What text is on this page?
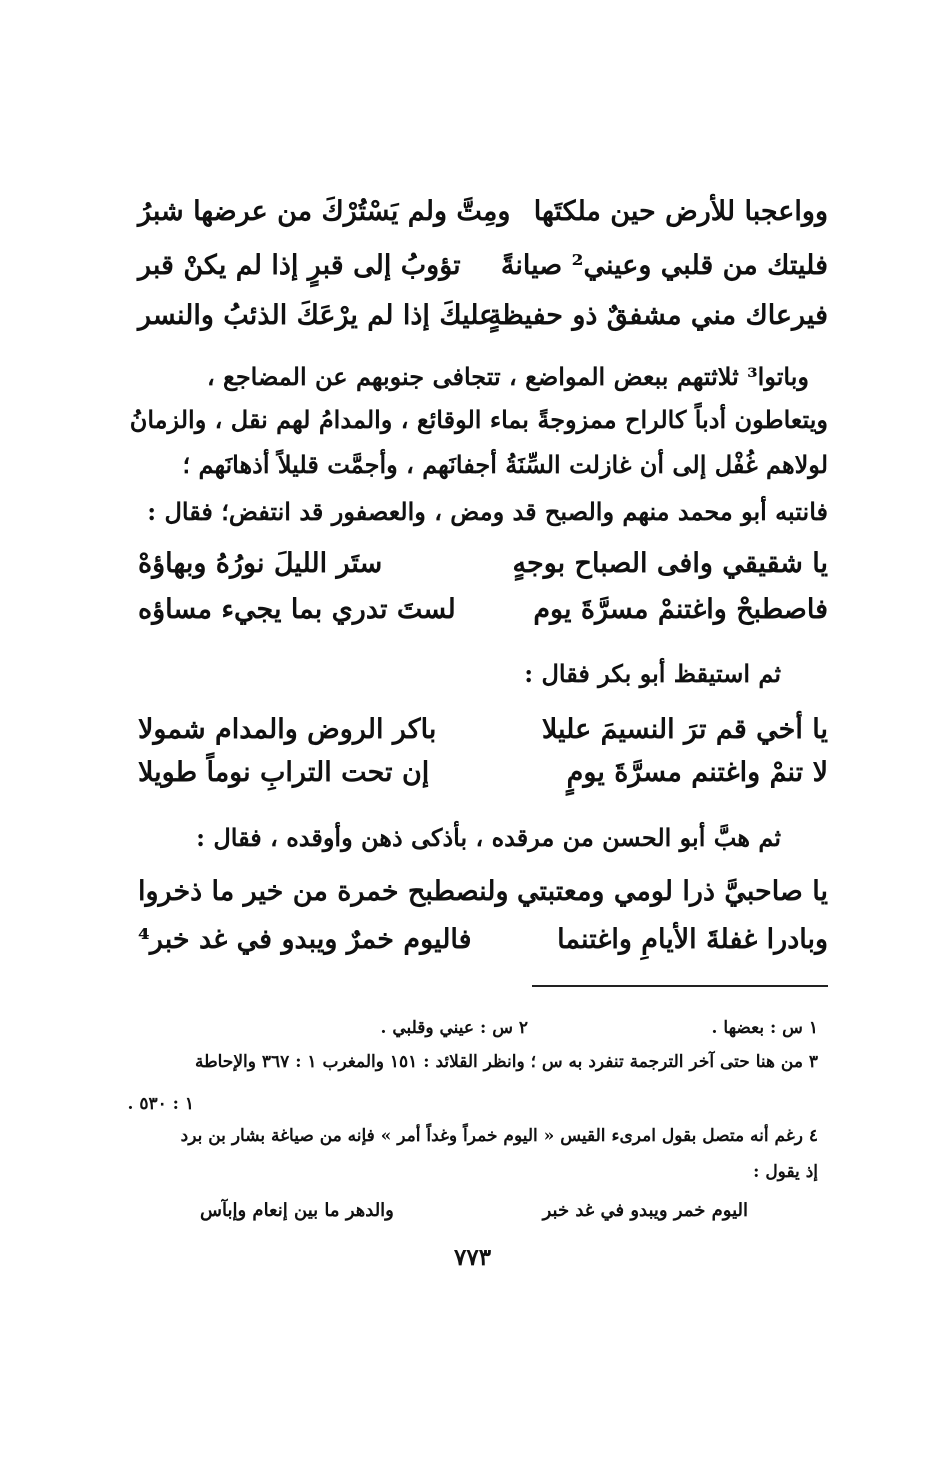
وواعجبا للأرض حين ملكتَها
ومِتَّ ولم يَسْتُرْكَ من عرضها شبرُ
فليتك من قلبي وعيني² صيانةً
تؤوبُ إلى قبرٍ إذا لم يكنْ قبر
فيرعاك مني مشفقٌ ذو حفيظةٍ
عليكَ إذا لم يرْعَكَ الذئبُ والنسر
وباتوا³ ثلاثتهم ببعض المواضع ، تتجافى جنوبهم عن المضاجع ،
ويتعاطون أدباً كالراح ممزوجةً بماء الوقائع ، والمدامُ لهم نقل ، والزمانُ
لولاهم غُفْل إلى أن غازلت السِّنَةُ أجفانَهم ، وأجمَّت قليلاً أذهانَهم ؛
فانتبه أبو محمد منهم والصبح قد ومض ، والعصفور قد انتفض؛ فقال :
يا شقيقي وافى الصباح بوجهٍ
ستَر الليلَ نورُهُ وبهاؤهْ
فاصطبحْ واغتنمْ مسرَّةَ يوم
لستَ تدري بما يجيء مساؤه
ثم استيقظ أبو بكر فقال :
يا أخي قم ترَ النسيمَ عليلا
باكر الروض والمدام شمولا
لا تنمْ واغتنم مسرَّةَ يومٍ
إن تحت الترابِ نوماً طويلا
ثم هبَّ أبو الحسن من مرقده ، بأذكى ذهن وأوقده ، فقال :
يا صاحبيَّ ذرا لومي ومعتبتي
ولنصطبح خمرة من خير ما ذخروا
وبادرا غفلةَ الأيامِ واغتنما
فاليوم خمرٌ ويبدو في غد خبر⁴
١ س : بعضها .
٢ س : عيني وقلبي .
٣ من هنا حتى آخر الترجمة تنفرد به س ؛ وانظر القلائد : ١٥١ والمغرب ١ : ٣٦٧ والإحاطة
١ : ٥٣٠ .
٤ رغم أنه متصل بقول امرىء القيس « اليوم خمراً وغداً أمر » فإنه من صياغة بشار بن برد
إذ يقول :
اليوم خمر ويبدو في غد خبر
والدهر ما بين إنعام وإبآس
٧٧٣
